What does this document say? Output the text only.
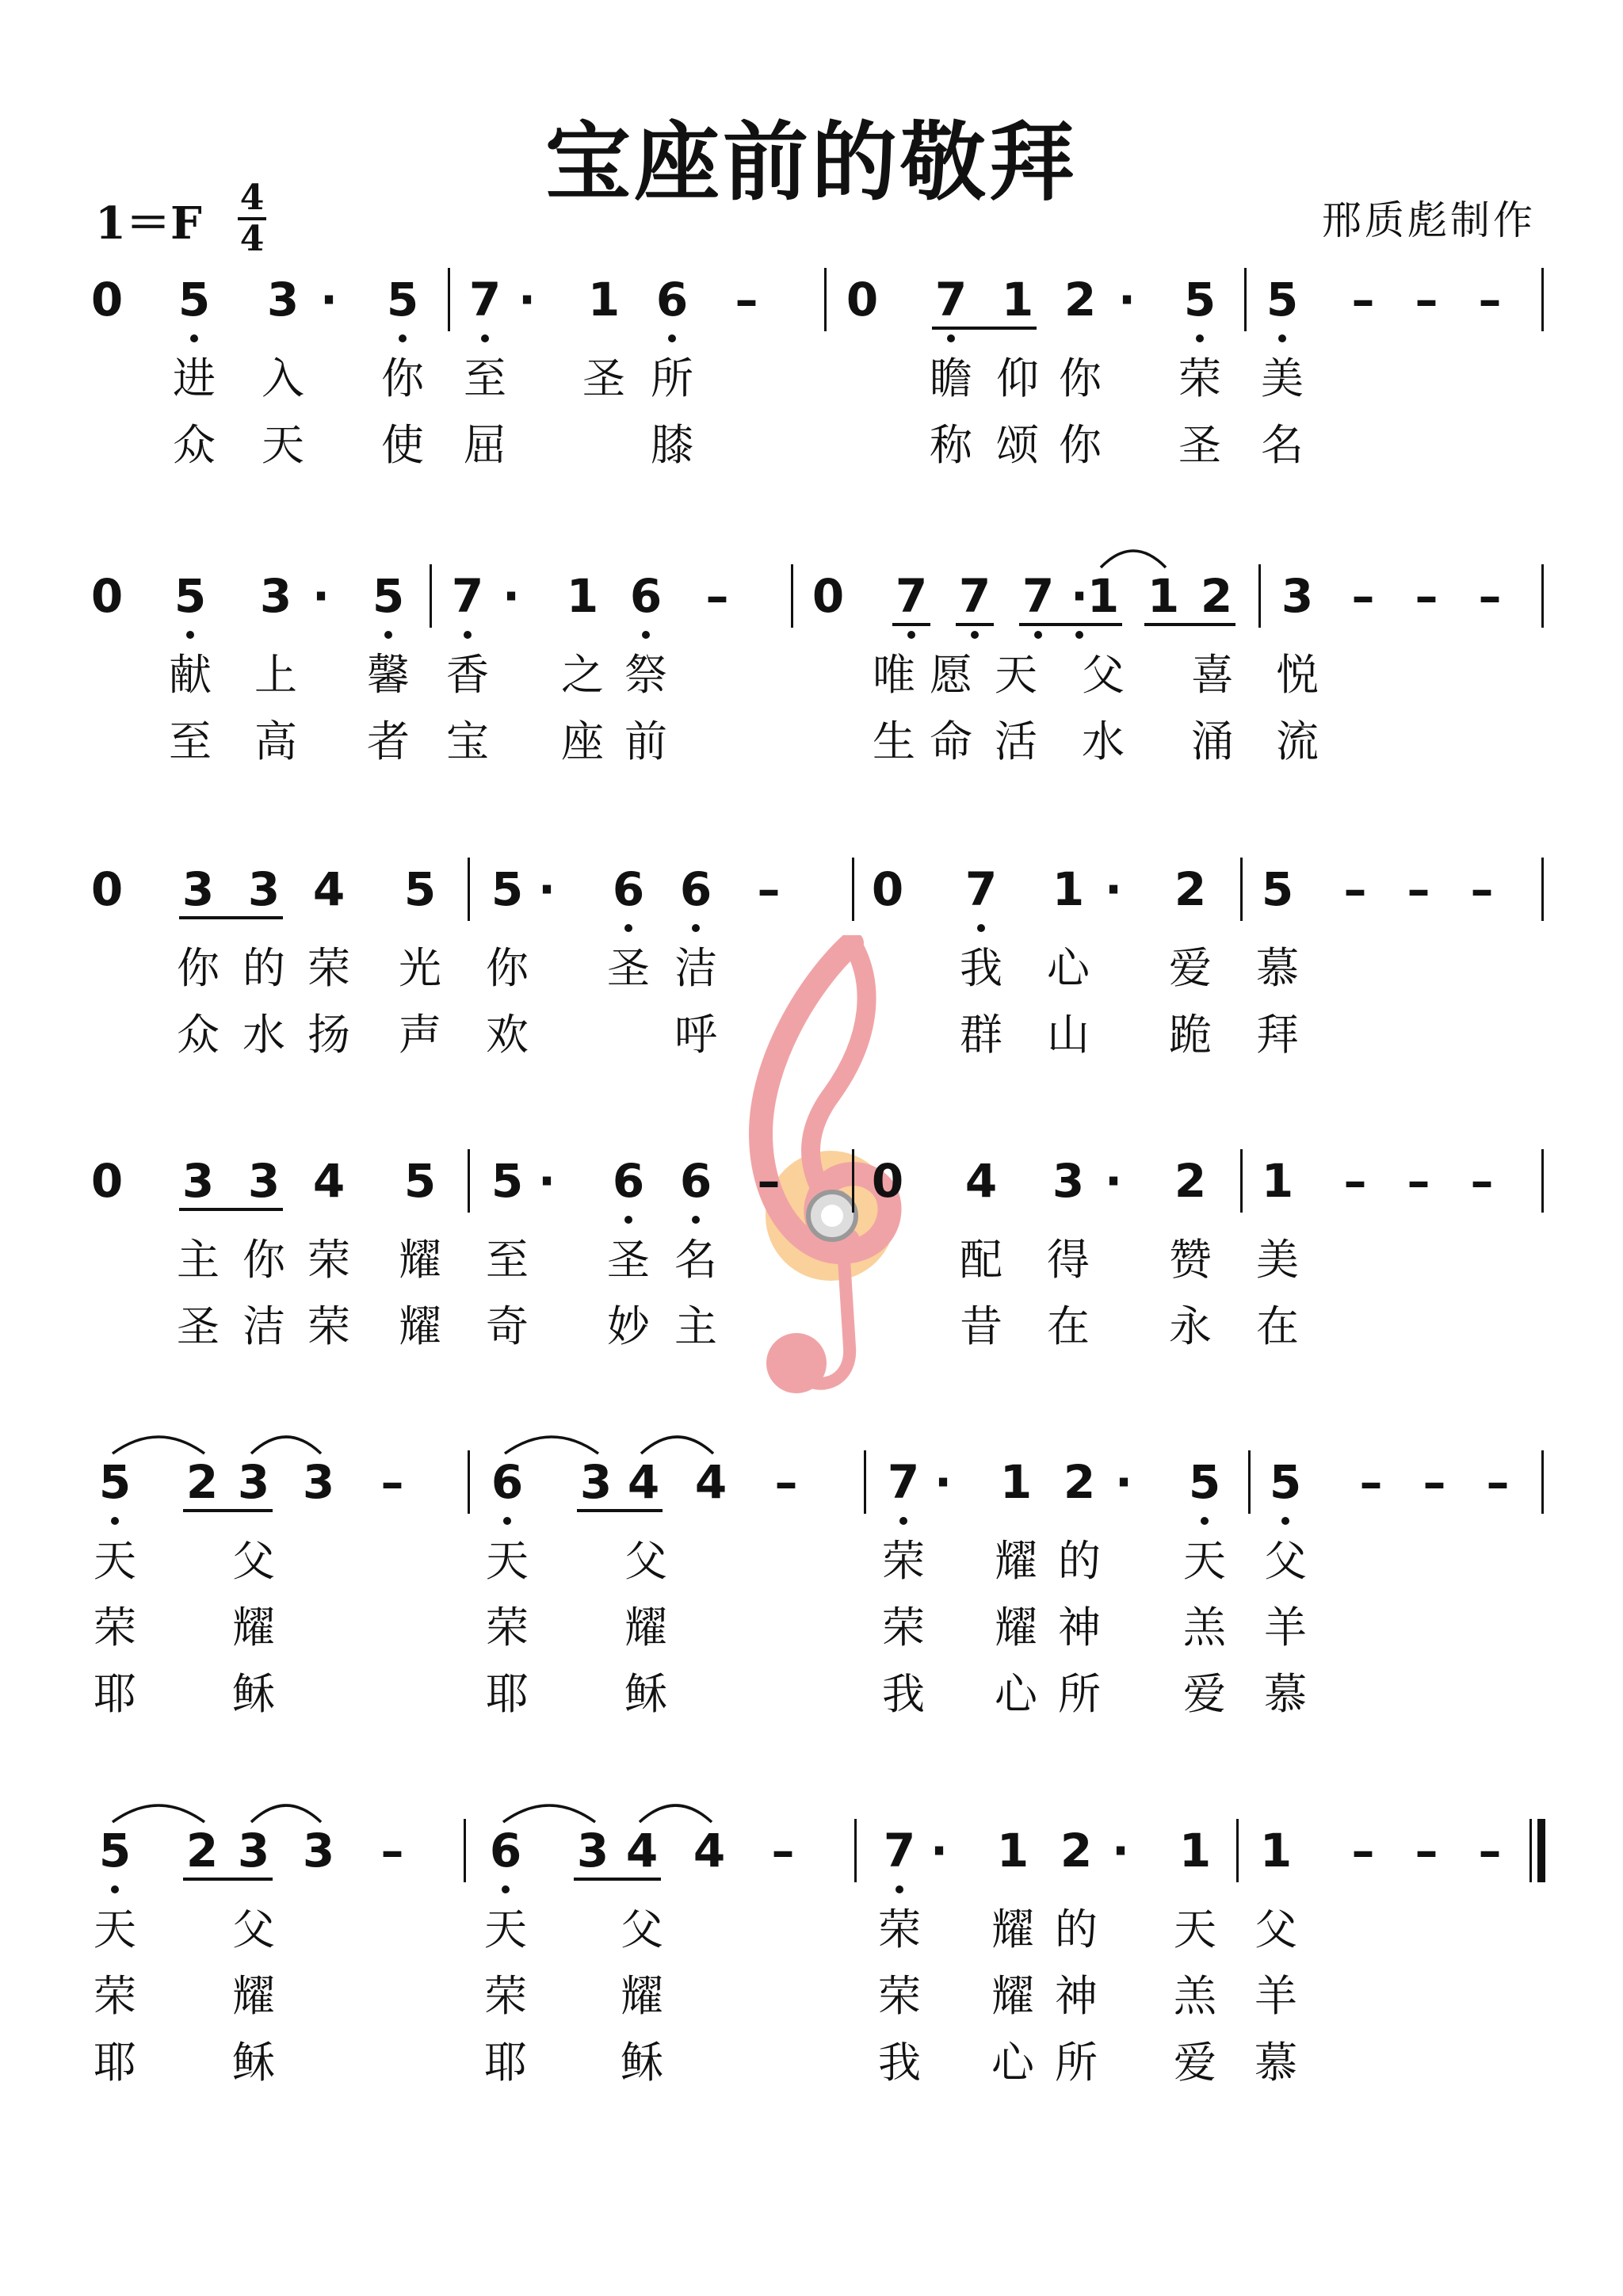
宝座前的敬拜
1＝F 4
4	邢质彪制作
0 5 3 · 5 7 · 1 6 – 0 7 1 2 · 5 5 – – –
进 入 你 至 圣 所	瞻 仰 你 荣 美
众 天 使 屈	膝	称 颂 你 圣 名
0 5 3 · 5 7 · 1 6 – 0 7 7 7 ·
1 1 2 3 – – –
献 上 馨 香 之 祭	唯 愿 天 父 喜 悦
至 高 者 宝 座 前	生 命 活 水 涌 流
0 3 3 4 5 5 · 6 6 – 0 7 1 · 2 5 – – –
你 的 荣 光 你 圣 洁	我 心 爱 慕
众 水 扬 声 欢	呼	群 山 跪 拜
0 3 3 4 5 5 · 6 6 – 0 4 3 · 2 1 – – –
主 你 荣 耀 至 圣 名	配 得 赞 美
圣 洁 荣 耀 奇 妙 主	昔 在 永 在
5 2 3 3 – 6 3 4 4 – 7 · 1 2 · 5 5 – – –
天 父	天 父	荣 耀 的 天 父
荣 耀	荣 耀	荣 耀 神 羔 羊
耶 稣	耶 稣	我 心 所 爱 慕
5 2 3 3 – 6 3 4 4 – 7 · 1 2 · 1 1 – – –
天 父	天 父	荣 耀 的 天 父
荣 耀	荣 耀	荣 耀 神 羔 羊
耶 稣	耶 稣	我 心 所 爱 慕
